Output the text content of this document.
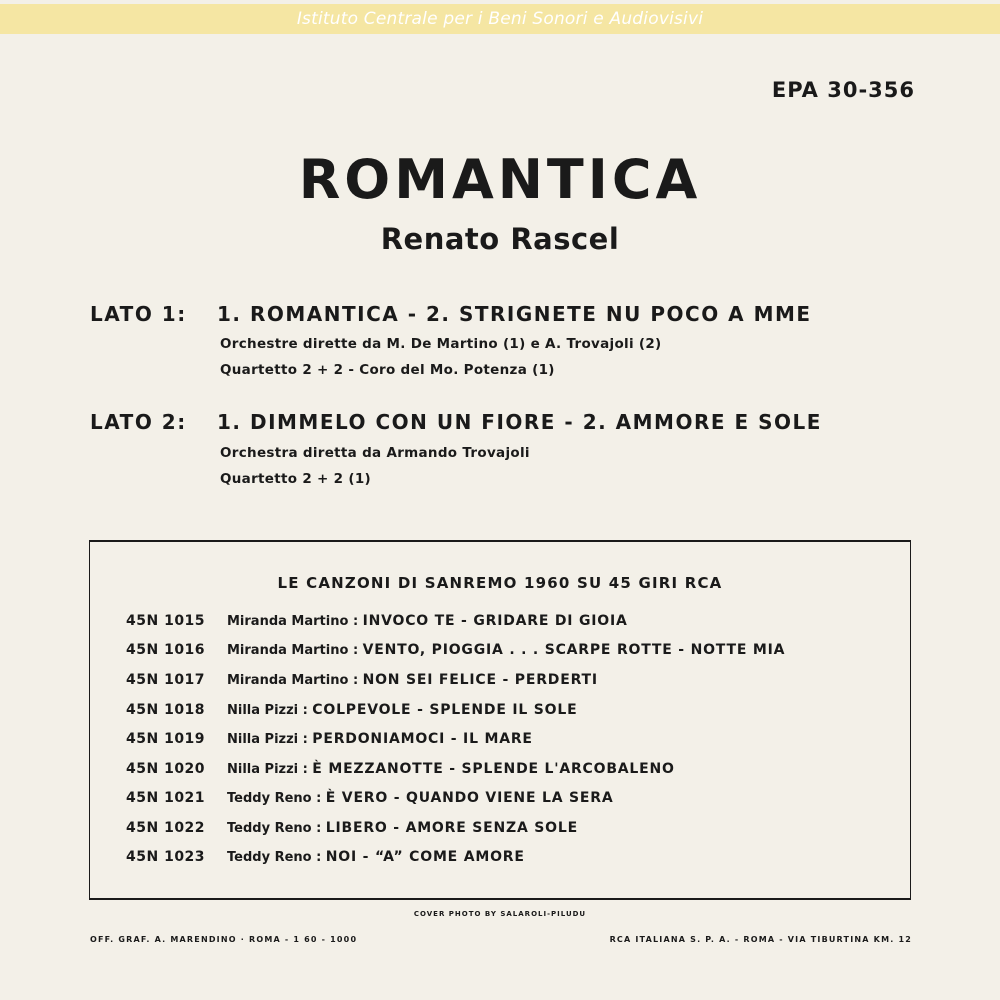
Istituto Centrale per i Beni Sonori e Audiovisivi
EPA 30-356
ROMANTICA
Renato Rascel
LATO 1: 1. ROMANTICA - 2. STRIGNETE NU POCO A MME
Orchestre dirette da M. De Martino (1) e A. Trovajoli (2)
Quartetto 2 + 2 - Coro del Mo. Potenza (1)
LATO 2: 1. DIMMELO CON UN FIORE - 2. AMMORE E SOLE
Orchestra diretta da Armando Trovajoli
Quartetto 2 + 2 (1)
LE CANZONI DI SANREMO 1960 SU 45 GIRI RCA
45N 1015 Miranda Martino : INVOCO TE - GRIDARE DI GIOIA
45N 1016 Miranda Martino : VENTO, PIOGGIA . . . SCARPE ROTTE - NOTTE MIA
45N 1017 Miranda Martino : NON SEI FELICE - PERDERTI
45N 1018 Nilla Pizzi : COLPEVOLE - SPLENDE IL SOLE
45N 1019 Nilla Pizzi : PERDONIAMOCI - IL MARE
45N 1020 Nilla Pizzi : È MEZZANOTTE - SPLENDE L'ARCOBALENO
45N 1021 Teddy Reno : È VERO - QUANDO VIENE LA SERA
45N 1022 Teddy Reno : LIBERO - AMORE SENZA SOLE
45N 1023 Teddy Reno : NOI - “A” COME AMORE
COVER PHOTO BY SALAROLI-PILUDU
OFF. GRAF. A. MARENDINO · ROMA - 1 60 - 1000	RCA ITALIANA S. P. A. - ROMA - VIA TIBURTINA KM. 12
